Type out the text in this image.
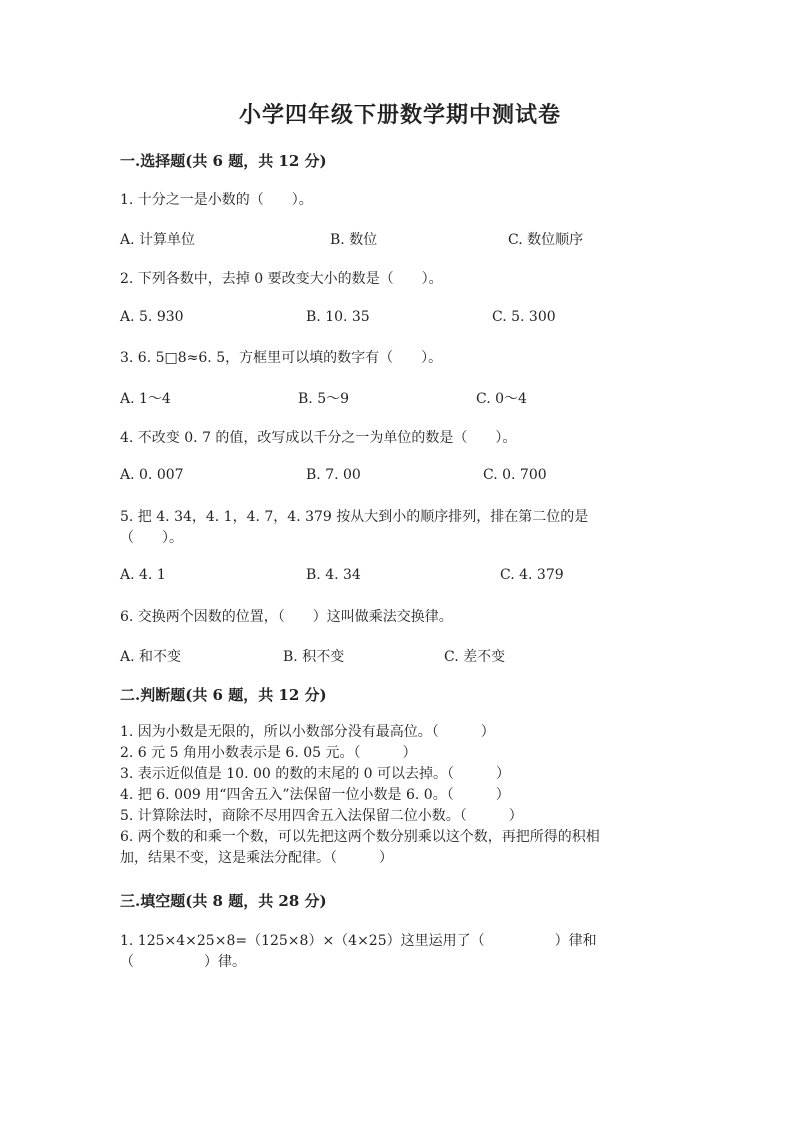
小学四年级下册数学期中测试卷
一.选择题(共 6 题，共 12 分)
1. 十分之一是小数的（　　）。
A. 计算单位	B. 数位	C. 数位顺序
2. 下列各数中，去掉 0 要改变大小的数是（　　）。
A. 5. 930	B. 10. 35	C. 5. 300
3. 6. 5□8≈6. 5，方框里可以填的数字有（　　）。
A. 1～4	B. 5～9	C. 0～4
4. 不改变 0. 7 的值，改写成以千分之一为单位的数是（　　）。
A. 0. 007	B. 7. 00	C. 0. 700
5. 把 4. 34，4. 1，4. 7，4. 379 按从大到小的顺序排列，排在第二位的是
（　　）。
A. 4. 1	B. 4. 34	C. 4. 379
6. 交换两个因数的位置，（　　）这叫做乘法交换律。
A. 和不变	B. 积不变	C. 差不变
二.判断题(共 6 题，共 12 分)
1. 因为小数是无限的，所以小数部分没有最高位。（　　　）
2. 6 元 5 角用小数表示是 6. 05 元。（　　　）
3. 表示近似值是 10. 00 的数的末尾的 0 可以去掉。（　　　）
4. 把 6. 009 用“四舍五入”法保留一位小数是 6. 0。（　　　）
5. 计算除法时，商除不尽用四舍五入法保留二位小数。（　　　）
6. 两个数的和乘一个数，可以先把这两个数分别乘以这个数，再把所得的积相
加，结果不变，这是乘法分配律。（　　　）
三.填空题(共 8 题，共 28 分)
1. 125×4×25×8=（125×8）×（4×25）这里运用了（　　　　　）律和
（　　　　　）律。
